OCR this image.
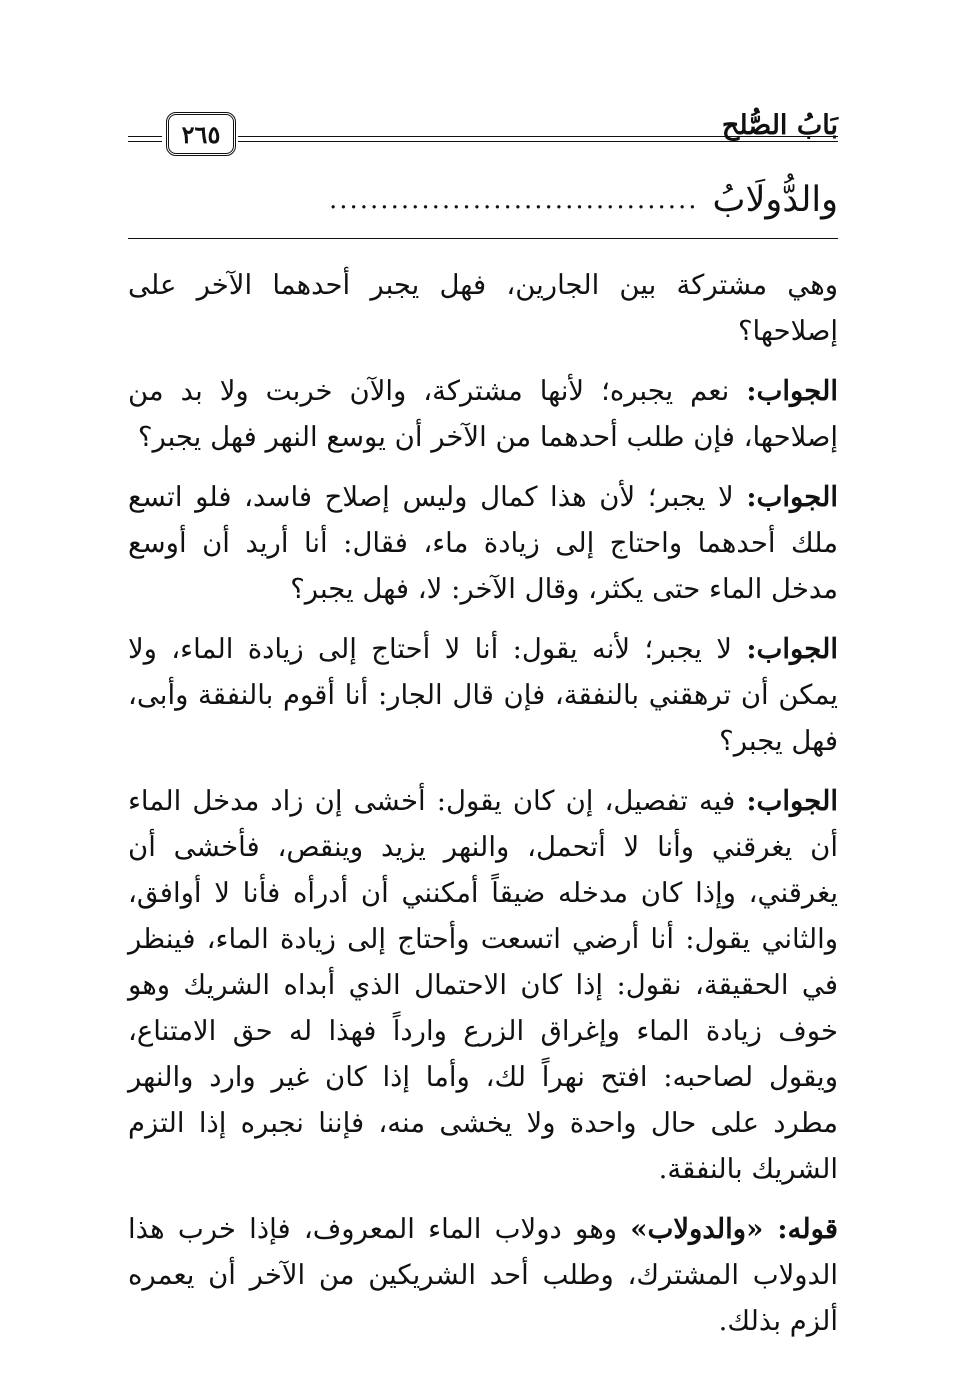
٢٦٥	بَابُ الصُّلح
والدُّولَابُ
....................................

وهي مشتركة بين الجارين، فهل يجبر أحدهما الآخر على إصلاحها؟

الجواب: نعم يجبره؛ لأنها مشتركة، والآن خربت ولا بد من إصلاحها، فإن طلب أحدهما من الآخر أن يوسع النهر فهل يجبر؟

الجواب: لا يجبر؛ لأن هذا كمال وليس إصلاح فاسد، فلو اتسع ملك أحدهما واحتاج إلى زيادة ماء، فقال: أنا أريد أن أوسع مدخل الماء حتى يكثر، وقال الآخر: لا، فهل يجبر؟

الجواب: لا يجبر؛ لأنه يقول: أنا لا أحتاج إلى زيادة الماء، ولا يمكن أن ترهقني بالنفقة، فإن قال الجار: أنا أقوم بالنفقة وأبى، فهل يجبر؟

الجواب: فيه تفصيل، إن كان يقول: أخشى إن زاد مدخل الماء أن يغرقني وأنا لا أتحمل، والنهر يزيد وينقص، فأخشى أن يغرقني، وإذا كان مدخله ضيقاً أمكنني أن أدرأه فأنا لا أوافق، والثاني يقول: أنا أرضي اتسعت وأحتاج إلى زيادة الماء، فينظر في الحقيقة، نقول: إذا كان الاحتمال الذي أبداه الشريك وهو خوف زيادة الماء وإغراق الزرع وارداً فهذا له حق الامتناع، ويقول لصاحبه: افتح نهراً لك، وأما إذا كان غير وارد والنهر مطرد على حال واحدة ولا يخشى منه، فإننا نجبره إذا التزم الشريك بالنفقة.

قوله: «والدولاب» وهو دولاب الماء المعروف، فإذا خرب هذا الدولاب المشترك، وطلب أحد الشريكين من الآخر أن يعمره ألزم بذلك.
